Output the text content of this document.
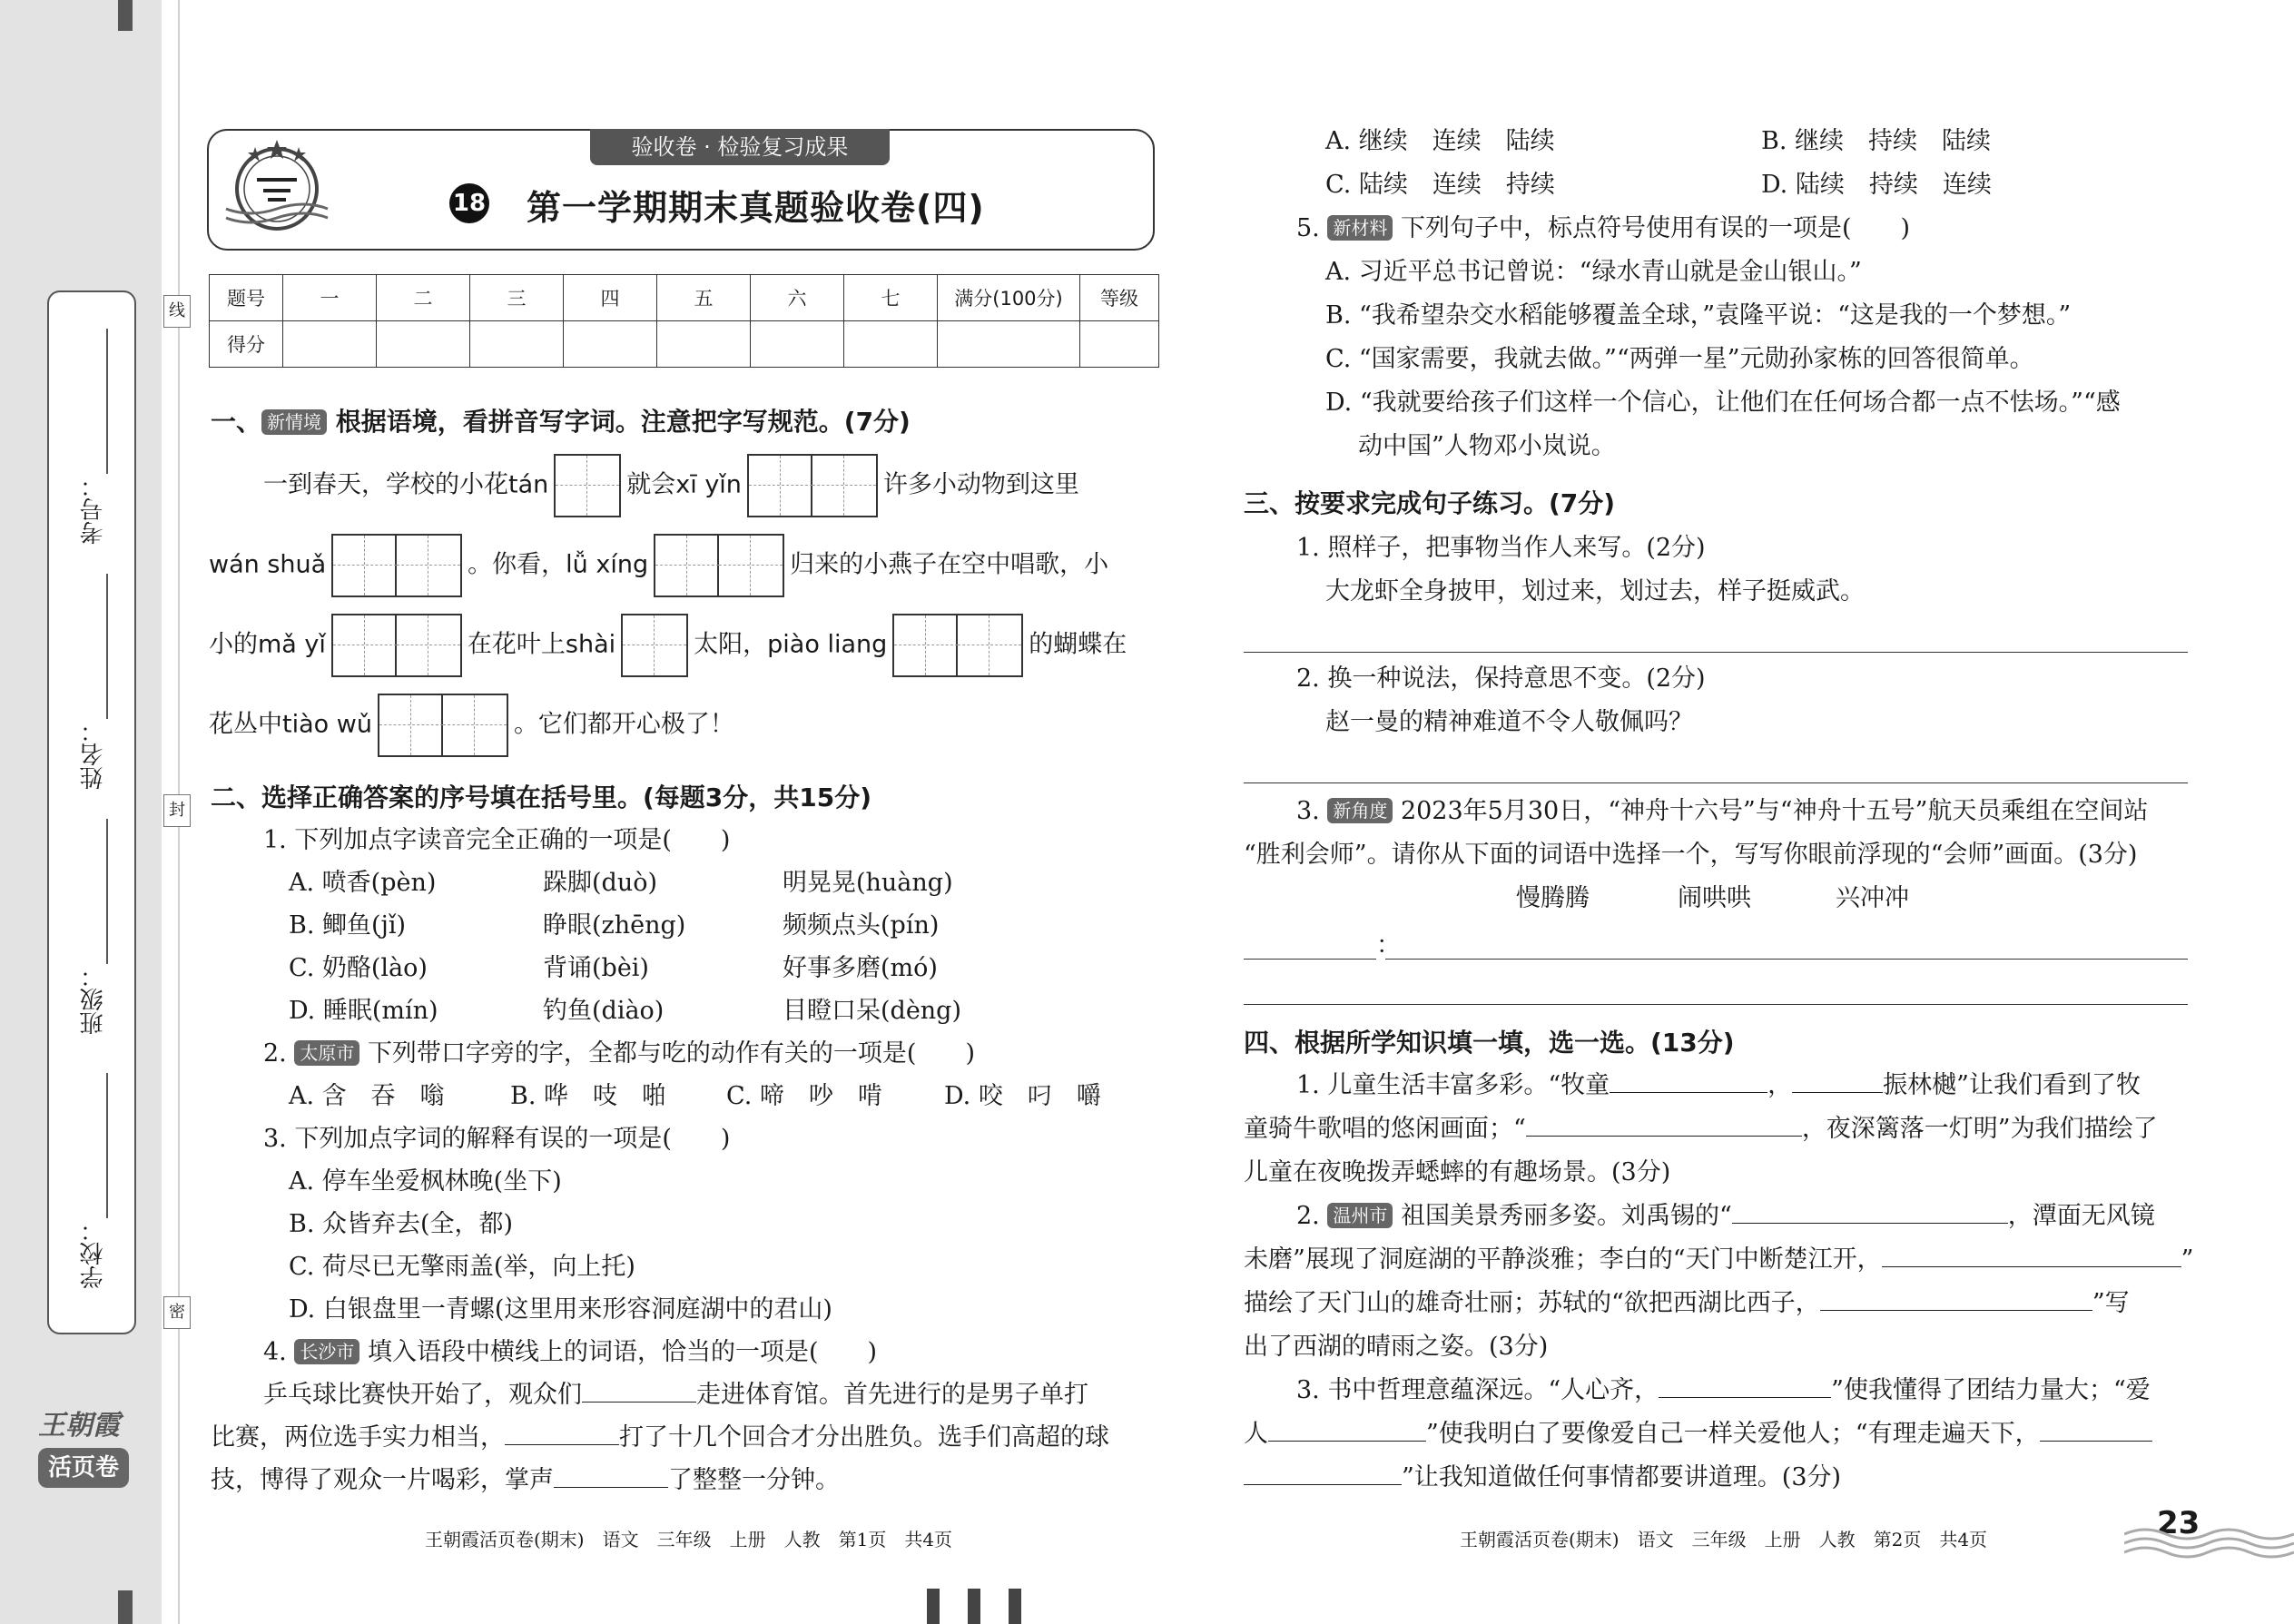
考号：
姓名：
班级：
学校：
线
封
密
王朝霞
活页卷
验收卷 · 检验复习成果
18 第一学期期末真题验收卷(四)
题号	一	二	三	四	五	六	七	满分(100分)	等级
得分									
一、 新情境 根据语境，看拼音写字词。注意把字写规范。(7分)
一到春天，学校的小花tán	就会xī yǐn	许多小动物到这里
wán shuǎ	。你看，lǚ xíng	归来的小燕子在空中唱歌，小
小的mǎ yǐ	在花叶上shài	太阳，piào liang	的蝴蝶在
花丛中tiào wǔ	。它们都开心极了！
二、选择正确答案的序号填在括号里。(每题3分，共15分)
1. 下列加点字读音完全正确的一项是(　　)
A. 喷香(pèn)	跺脚(duò)	明晃晃(huàng)
B. 鲫鱼(jǐ)	睁眼(zhēng)	频频点头(pín)
C. 奶酪(lào)	背诵(bèi)	好事多磨(mó)
D. 睡眠(mín)	钓鱼(diào)	目瞪口呆(dèng)
2. 太原市 下列带口字旁的字，全都与吃的动作有关的一项是(　　)
A. 含　吞　嗡	B. 哗　吱　啪 C. 啼　吵　啃	D. 咬　叼　嚼
3. 下列加点字词的解释有误的一项是(　　)
A. 停车坐爱枫林晚(坐下)
B. 众皆弃去(全，都)
C. 荷尽已无擎雨盖(举，向上托)
D. 白银盘里一青螺(这里用来形容洞庭湖中的君山)
4. 长沙市 填入语段中横线上的词语，恰当的一项是(　　)
乒乓球比赛快开始了，观众们	走进体育馆。首先进行的是男子单打
比赛，两位选手实力相当，	打了十几个回合才分出胜负。选手们高超的球
技，博得了观众一片喝彩，掌声	了整整一分钟。
王朝霞活页卷(期末)　语文　三年级　上册　人教　第1页　共4页
A. 继续　连续　陆续	B. 继续　持续　陆续
C. 陆续　连续　持续	D. 陆续　持续　连续
5. 新材料 下列句子中，标点符号使用有误的一项是(　　)
A. 习近平总书记曾说：“绿水青山就是金山银山。”
B. “我希望杂交水稻能够覆盖全球，”袁隆平说：“这是我的一个梦想。”
C. “国家需要，我就去做。”“两弹一星”元勋孙家栋的回答很简单。
D. “我就要给孩子们这样一个信心，让他们在任何场合都一点不怯场。”“感
动中国”人物邓小岚说。
三、按要求完成句子练习。(7分)
1. 照样子，把事物当作人来写。(2分)
大龙虾全身披甲，划过来，划过去，样子挺威武。
2. 换一种说法，保持意思不变。(2分)
赵一曼的精神难道不令人敬佩吗？
3. 新角度 2023年5月30日，“神舟十六号”与“神舟十五号”航天员乘组在空间站
“胜利会师”。请你从下面的词语中选择一个，写写你眼前浮现的“会师”画面。(3分)
慢腾腾	闹哄哄	兴冲冲
：
四、根据所学知识填一填，选一选。(13分)
1. 儿童生活丰富多彩。“牧童	，	振林樾”让我们看到了牧
童骑牛歌唱的悠闲画面；“	，夜深篱落一灯明”为我们描绘了
儿童在夜晚拨弄蟋蟀的有趣场景。(3分)
2. 温州市 祖国美景秀丽多姿。刘禹锡的“	，潭面无风镜
未磨”展现了洞庭湖的平静淡雅；李白的“天门中断楚江开，	”
描绘了天门山的雄奇壮丽；苏轼的“欲把西湖比西子，	”写
出了西湖的晴雨之姿。(3分)
3. 书中哲理意蕴深远。“人心齐，	”使我懂得了团结力量大；“爱
人	”使我明白了要像爱自己一样关爱他人；“有理走遍天下，
”让我知道做任何事情都要讲道理。(3分)
王朝霞活页卷(期末)　语文　三年级　上册　人教　第2页　共4页	23
